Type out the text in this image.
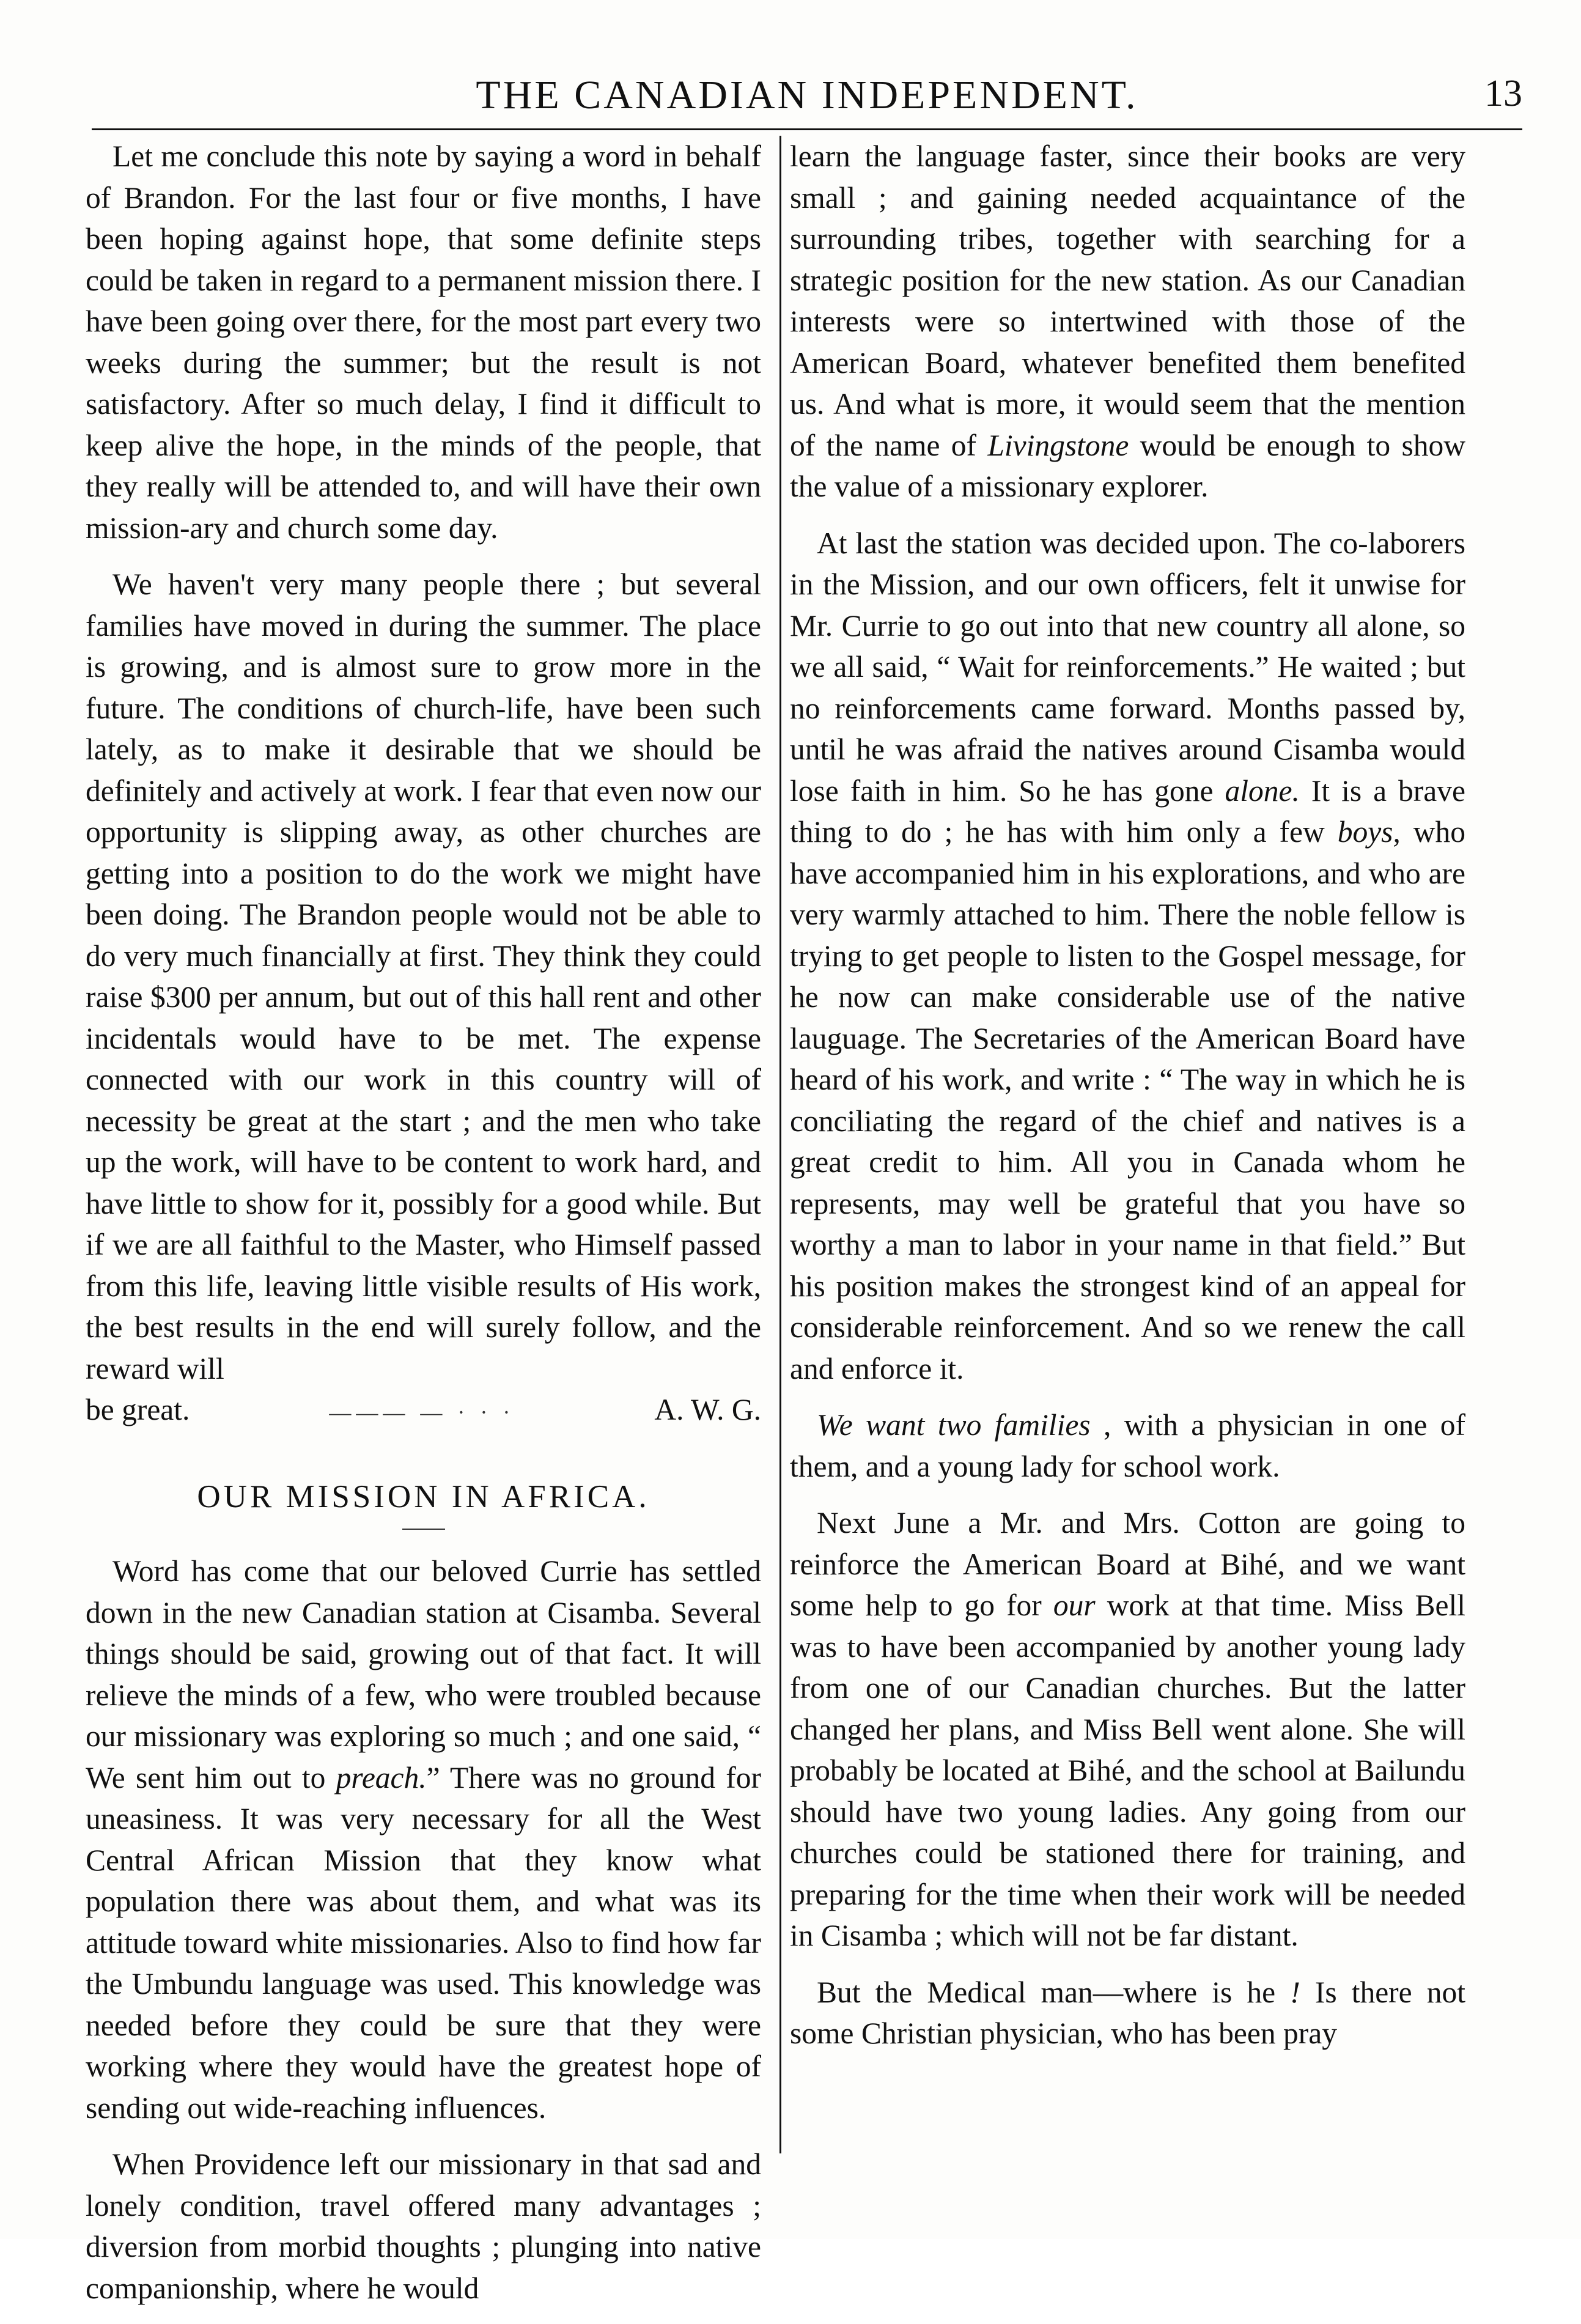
THE CANADIAN INDEPENDENT.	13

Let me conclude this note by saying a word in behalf of Brandon. For the last four or five months, I have been hoping against hope, that some definite steps could be taken in regard to a permanent mission there. I have been going over there, for the most part every two weeks during the summer; but the result is not satisfactory. After so much delay, I find it difficult to keep alive the hope, in the minds of the people, that they really will be attended to, and will have their own mission-ary and church some day.

We haven't very many people there ; but several families have moved in during the summer. The place is growing, and is almost sure to grow more in the future. The conditions of church-life, have been such lately, as to make it desirable that we should be definitely and actively at work. I fear that even now our opportunity is slipping away, as other churches are getting into a position to do the work we might have been doing. The Brandon people would not be able to do very much financially at first. They think they could raise $300 per annum, but out of this hall rent and other incidentals would have to be met. The expense connected with our work in this country will of necessity be great at the start ; and the men who take up the work, will have to be content to work hard, and have little to show for it, possibly for a good while. But if we are all faithful to the Master, who Himself passed from this life, leaving little visible results of His work, the best results in the end will surely follow, and the reward will

be great.	——— — · · ·	A. W. G.
OUR MISSION IN AFRICA.

Word has come that our beloved Currie has settled down in the new Canadian station at Cisamba. Several things should be said, growing out of that fact. It will relieve the minds of a few, who were troubled because our missionary was exploring so much ; and one said, “ We sent him out to preach.” There was no ground for uneasiness. It was very necessary for all the West Central African Mission that they know what population there was about them, and what was its attitude toward white missionaries. Also to find how far the Umbundu language was used. This knowledge was needed before they could be sure that they were working where they would have the greatest hope of sending out wide-reaching influences.

When Providence left our missionary in that sad and lonely condition, travel offered many advantages ; diversion from morbid thoughts ; plunging into native companionship, where he would

learn the language faster, since their books are very small ; and gaining needed acquaintance of the surrounding tribes, together with searching for a strategic position for the new station. As our Canadian interests were so intertwined with those of the American Board, whatever benefited them benefited us. And what is more, it would seem that the mention of the name of Livingstone would be enough to show the value of a missionary explorer.

At last the station was decided upon. The co-laborers in the Mission, and our own officers, felt it unwise for Mr. Currie to go out into that new country all alone, so we all said, “ Wait for reinforcements.” He waited ; but no reinforcements came forward. Months passed by, until he was afraid the natives around Cisamba would lose faith in him. So he has gone alone. It is a brave thing to do ; he has with him only a few boys, who have accompanied him in his explorations, and who are very warmly attached to him. There the noble fellow is trying to get people to listen to the Gospel message, for he now can make considerable use of the native lauguage. The Secretaries of the American Board have heard of his work, and write : “ The way in which he is conciliating the regard of the chief and natives is a great credit to him. All you in Canada whom he represents, may well be grateful that you have so worthy a man to labor in your name in that field.” But his position makes the strongest kind of an appeal for considerable reinforcement. And so we renew the call and enforce it.

We want two families , with a physician in one of them, and a young lady for school work.

Next June a Mr. and Mrs. Cotton are going to reinforce the American Board at Bihé, and we want some help to go for our work at that time. Miss Bell was to have been accompanied by another young lady from one of our Canadian churches. But the latter changed her plans, and Miss Bell went alone. She will probably be located at Bihé, and the school at Bailundu should have two young ladies. Any going from our churches could be stationed there for training, and preparing for the time when their work will be needed in Cisamba ; which will not be far distant.

But the Medical man—where is he ! Is there not some Christian physician, who has been pray
